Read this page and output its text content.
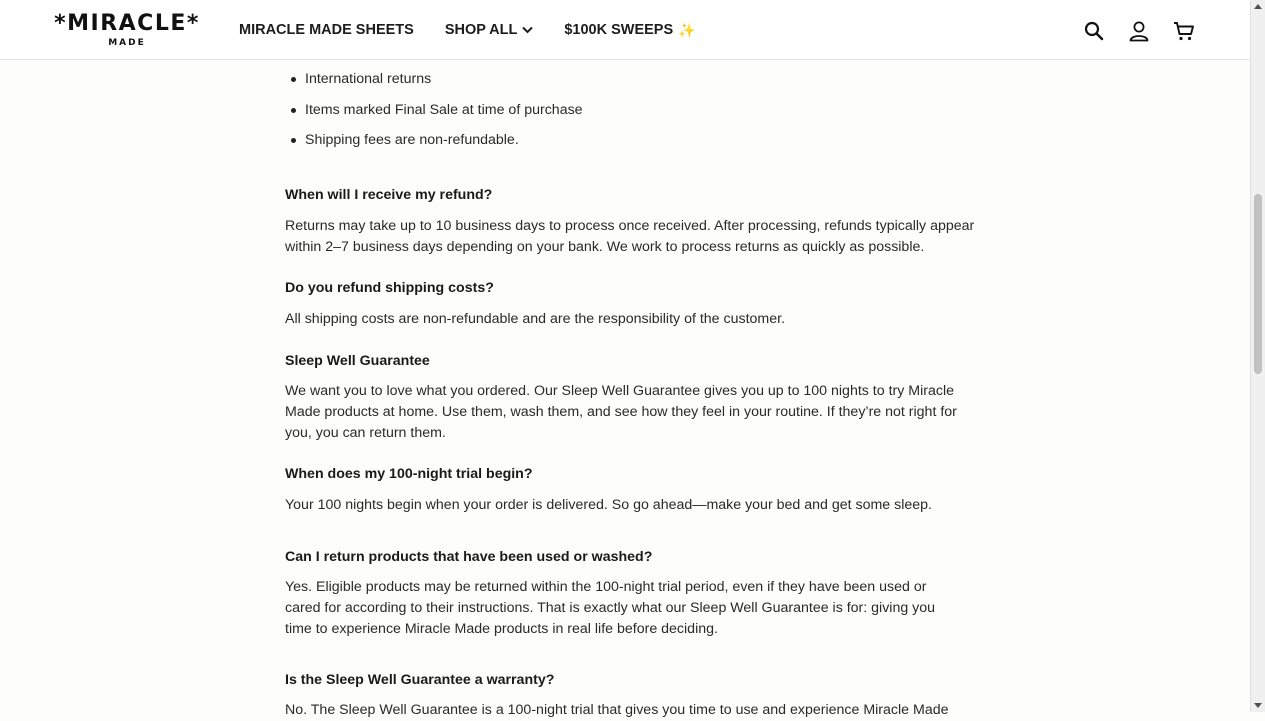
*MIRACLE*
MADE
MIRACLE MADE SHEETS SHOP ALL	$100K SWEEPS ✨
International returns
Items marked Final Sale at time of purchase
Shipping fees are non-refundable.
When will I receive my refund?
Returns may take up to 10 business days to process once received. After processing, refunds typically appear within 2–7 business days depending on your bank. We work to process returns as quickly as possible.
Do you refund shipping costs?
All shipping costs are non-refundable and are the responsibility of the customer.
Sleep Well Guarantee
We want you to love what you ordered. Our Sleep Well Guarantee gives you up to 100 nights to try Miracle Made products at home. Use them, wash them, and see how they feel in your routine. If they’re not right for you, you can return them.
When does my 100-night trial begin?
Your 100 nights begin when your order is delivered. So go ahead—make your bed and get some sleep.
Can I return products that have been used or washed?
Yes. Eligible products may be returned within the 100-night trial period, even if they have been used or cared for according to their instructions. That is exactly what our Sleep Well Guarantee is for: giving you time to experience Miracle Made products in real life before deciding.
Is the Sleep Well Guarantee a warranty?
No. The Sleep Well Guarantee is a 100-night trial that gives you time to use and experience Miracle Made
